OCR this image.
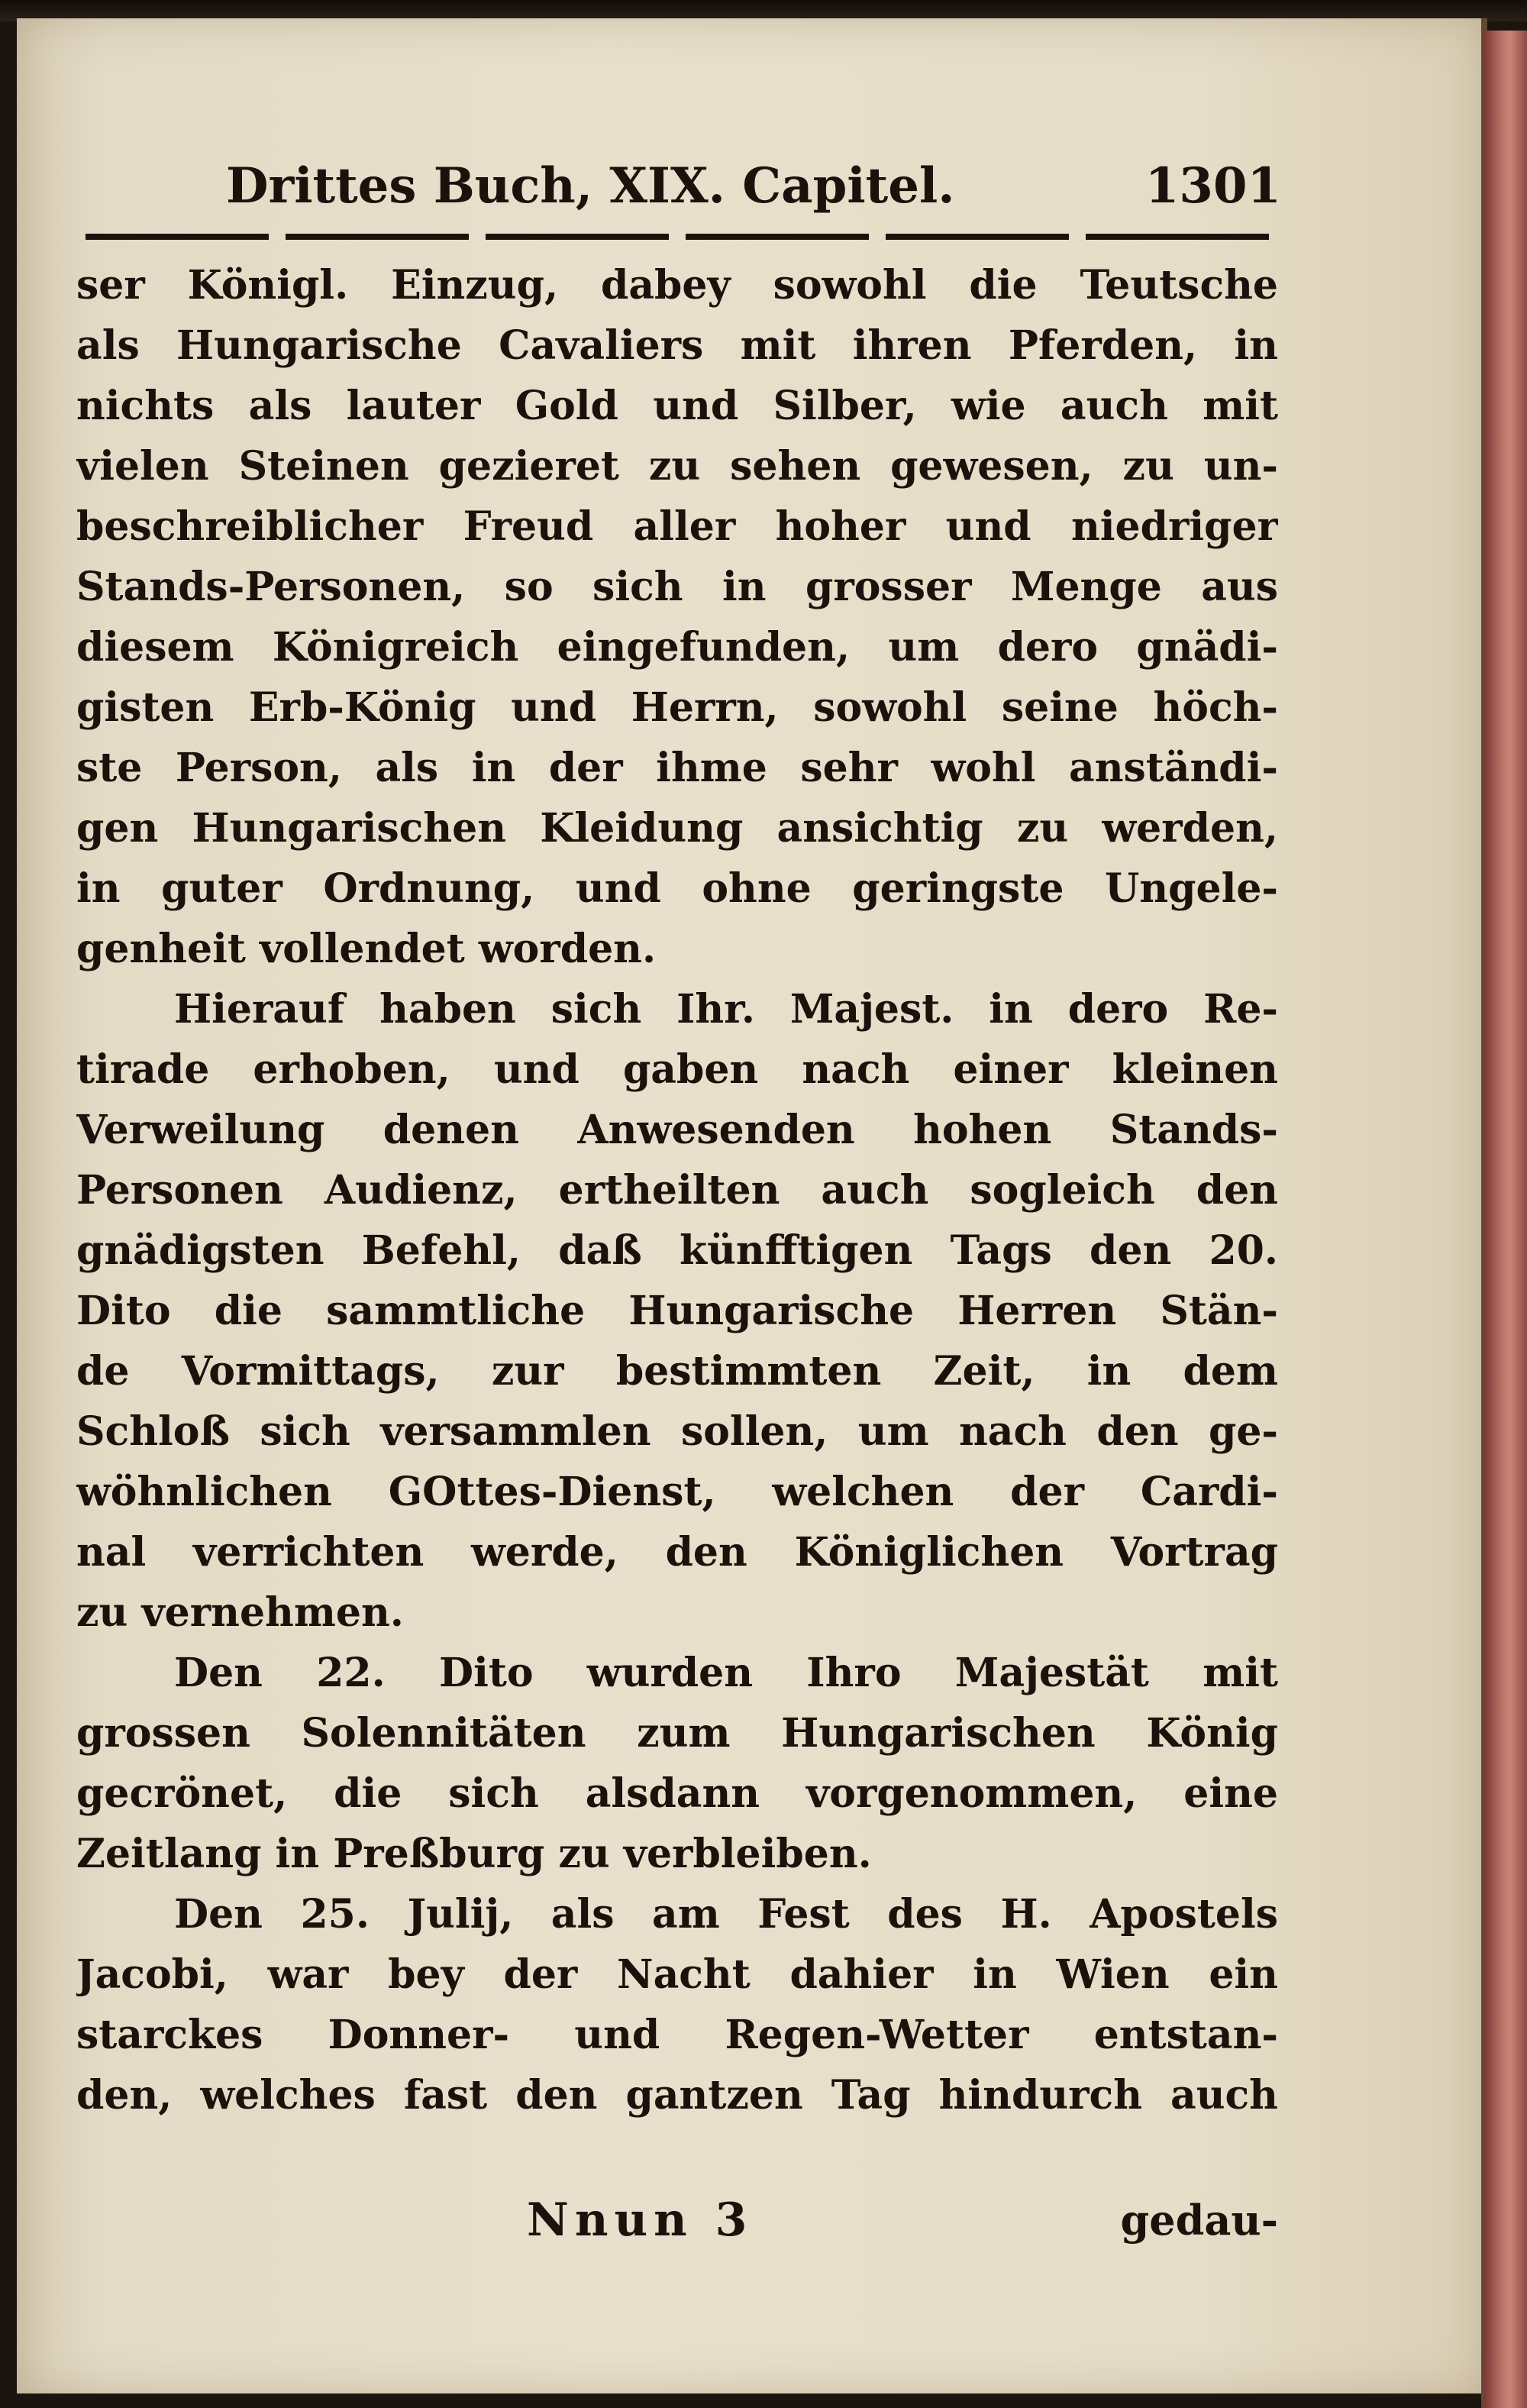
Drittes Buch, XIX. Capitel.	1301
ser Königl. Einzug, dabey sowohl die Teutsche
als Hungarische Cavaliers mit ihren Pferden, in
nichts als lauter Gold und Silber, wie auch mit
vielen Steinen gezieret zu sehen gewesen, zu un-
beschreiblicher Freud aller hoher und niedriger
Stands-Personen, so sich in grosser Menge aus
diesem Königreich eingefunden, um dero gnädi-
gisten Erb-König und Herrn, sowohl seine höch-
ste Person, als in der ihme sehr wohl anständi-
gen Hungarischen Kleidung ansichtig zu werden,
in guter Ordnung, und ohne geringste Ungele-
genheit vollendet worden.
Hierauf haben sich Ihr. Majest. in dero Re-
tirade erhoben, und gaben nach einer kleinen
Verweilung denen Anwesenden hohen Stands-
Personen Audienz, ertheilten auch sogleich den
gnädigsten Befehl, daß künfftigen Tags den 20.
Dito die sammtliche Hungarische Herren Stän-
de Vormittags, zur bestimmten Zeit, in dem
Schloß sich versammlen sollen, um nach den ge-
wöhnlichen GOttes-Dienst, welchen der Cardi-
nal verrichten werde, den Königlichen Vortrag
zu vernehmen.
Den 22. Dito wurden Ihro Majestät mit
grossen Solennitäten zum Hungarischen König
gecrönet, die sich alsdann vorgenommen, eine
Zeitlang in Preßburg zu verbleiben.
Den 25. Julij, als am Fest des H. Apostels
Jacobi, war bey der Nacht dahier in Wien ein
starckes Donner- und Regen-Wetter entstan-
den, welches fast den gantzen Tag hindurch auch
Nnun 3	gedau-
